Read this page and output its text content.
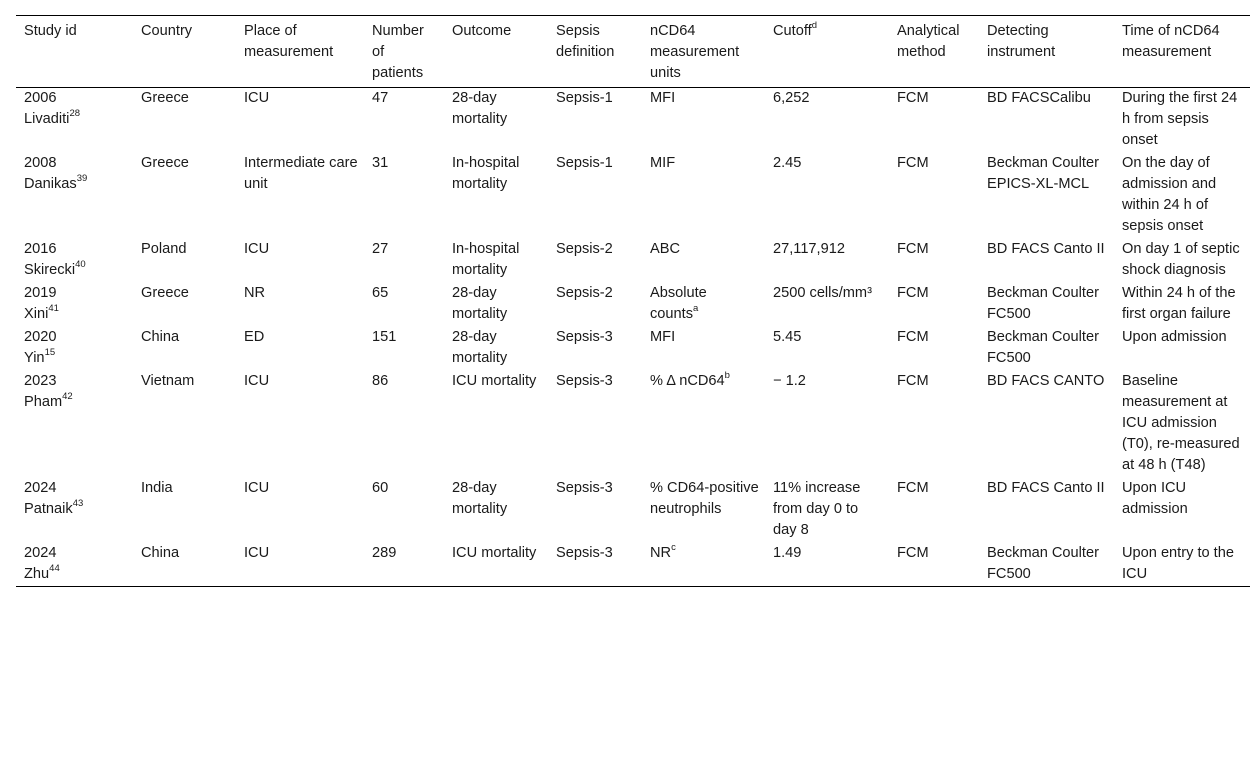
Study id	Country	Place of measurement	Number of patients	Outcome	Sepsis definition	nCD64 measurement units	Cutoff$^d$	Analytical method	Detecting instrument	Time of nCD64 measurement
2006
Livaditi$^{28}$	Greece	ICU	47	28-day mortality	Sepsis-1	MFI	6,252	FCM	BD FACSCalibu	During the first 24 h from sepsis onset
2008
Danikas$^{39}$	Greece	Intermediate care unit	31	In-hospital mortality	Sepsis-1	MIF	2.45	FCM	Beckman Coulter EPICS-XL-MCL	On the day of admission and within 24 h of sepsis onset
2016
Skirecki$^{40}$	Poland	ICU	27	In-hospital mortality	Sepsis-2	ABC	27,117,912	FCM	BD FACS Canto II	On day 1 of septic shock diagnosis
2019
Xini$^{41}$	Greece	NR	65	28-day mortality	Sepsis-2	Absolute counts$^a$	2500 cells/mm³	FCM	Beckman Coulter FC500	Within 24 h of the first organ failure
2020
Yin$^{15}$	China	ED	151	28-day mortality	Sepsis-3	MFI	5.45	FCM	Beckman Coulter FC500	Upon admission
2023
Pham$^{42}$	Vietnam	ICU	86	ICU mortality	Sepsis-3	% Δ $nCD64^b$	− 1.2	FCM	BD FACS CANTO	Baseline measurement at ICU admission (T0), re-measured at 48 h (T48)
2024
Patnaik$^{43}$	India	ICU	60	28-day mortality	Sepsis-3	% CD64-positive neutrophils	11% increase from day 0 to day 8	FCM	BD FACS Canto II	Upon ICU admission
2024
Zhu$^{44}$	China	ICU	289	ICU mortality	Sepsis-3	$NR^c$	1.49	FCM	Beckman Coulter FC500	Upon entry to the ICU
